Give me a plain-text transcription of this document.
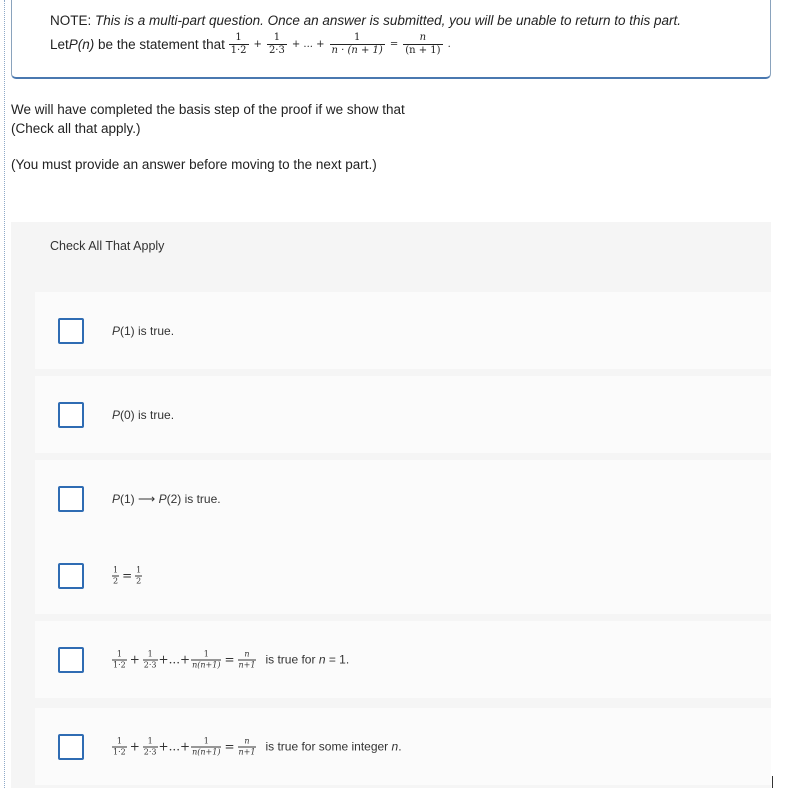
NOTE: This is a multi-part question. Once an answer is submitted, you will be unable to return to this part.
Let P(n) be the statement that $\frac{1}{1\cdot 2} + \frac{1}{2\cdot 3}$ + ... + $\frac{1}{n \cdot (n + 1)} = \frac{n}{(n + 1)}$ .
We will have completed the basis step of the proof if we show that
(Check all that apply.)
(You must provide an answer before moving to the next part.)
Check All That Apply
P (1) is true.
P (0) is true.
P (1) ⟶ P (2) is true.
$\frac{1}{2} = \frac{1}{2}$
$\frac{1}{1\cdot 2} + \frac{1}{2\cdot 3}$ +...+ $\frac{1}{n(n+1)} = \frac{n}{n+1}$ is true for
n = 1.
$\frac{1}{1\cdot 2} + \frac{1}{2\cdot 3}$ +...+ $\frac{1}{n(n+1)} = \frac{n}{n+1}$ is true for some integer
n .
